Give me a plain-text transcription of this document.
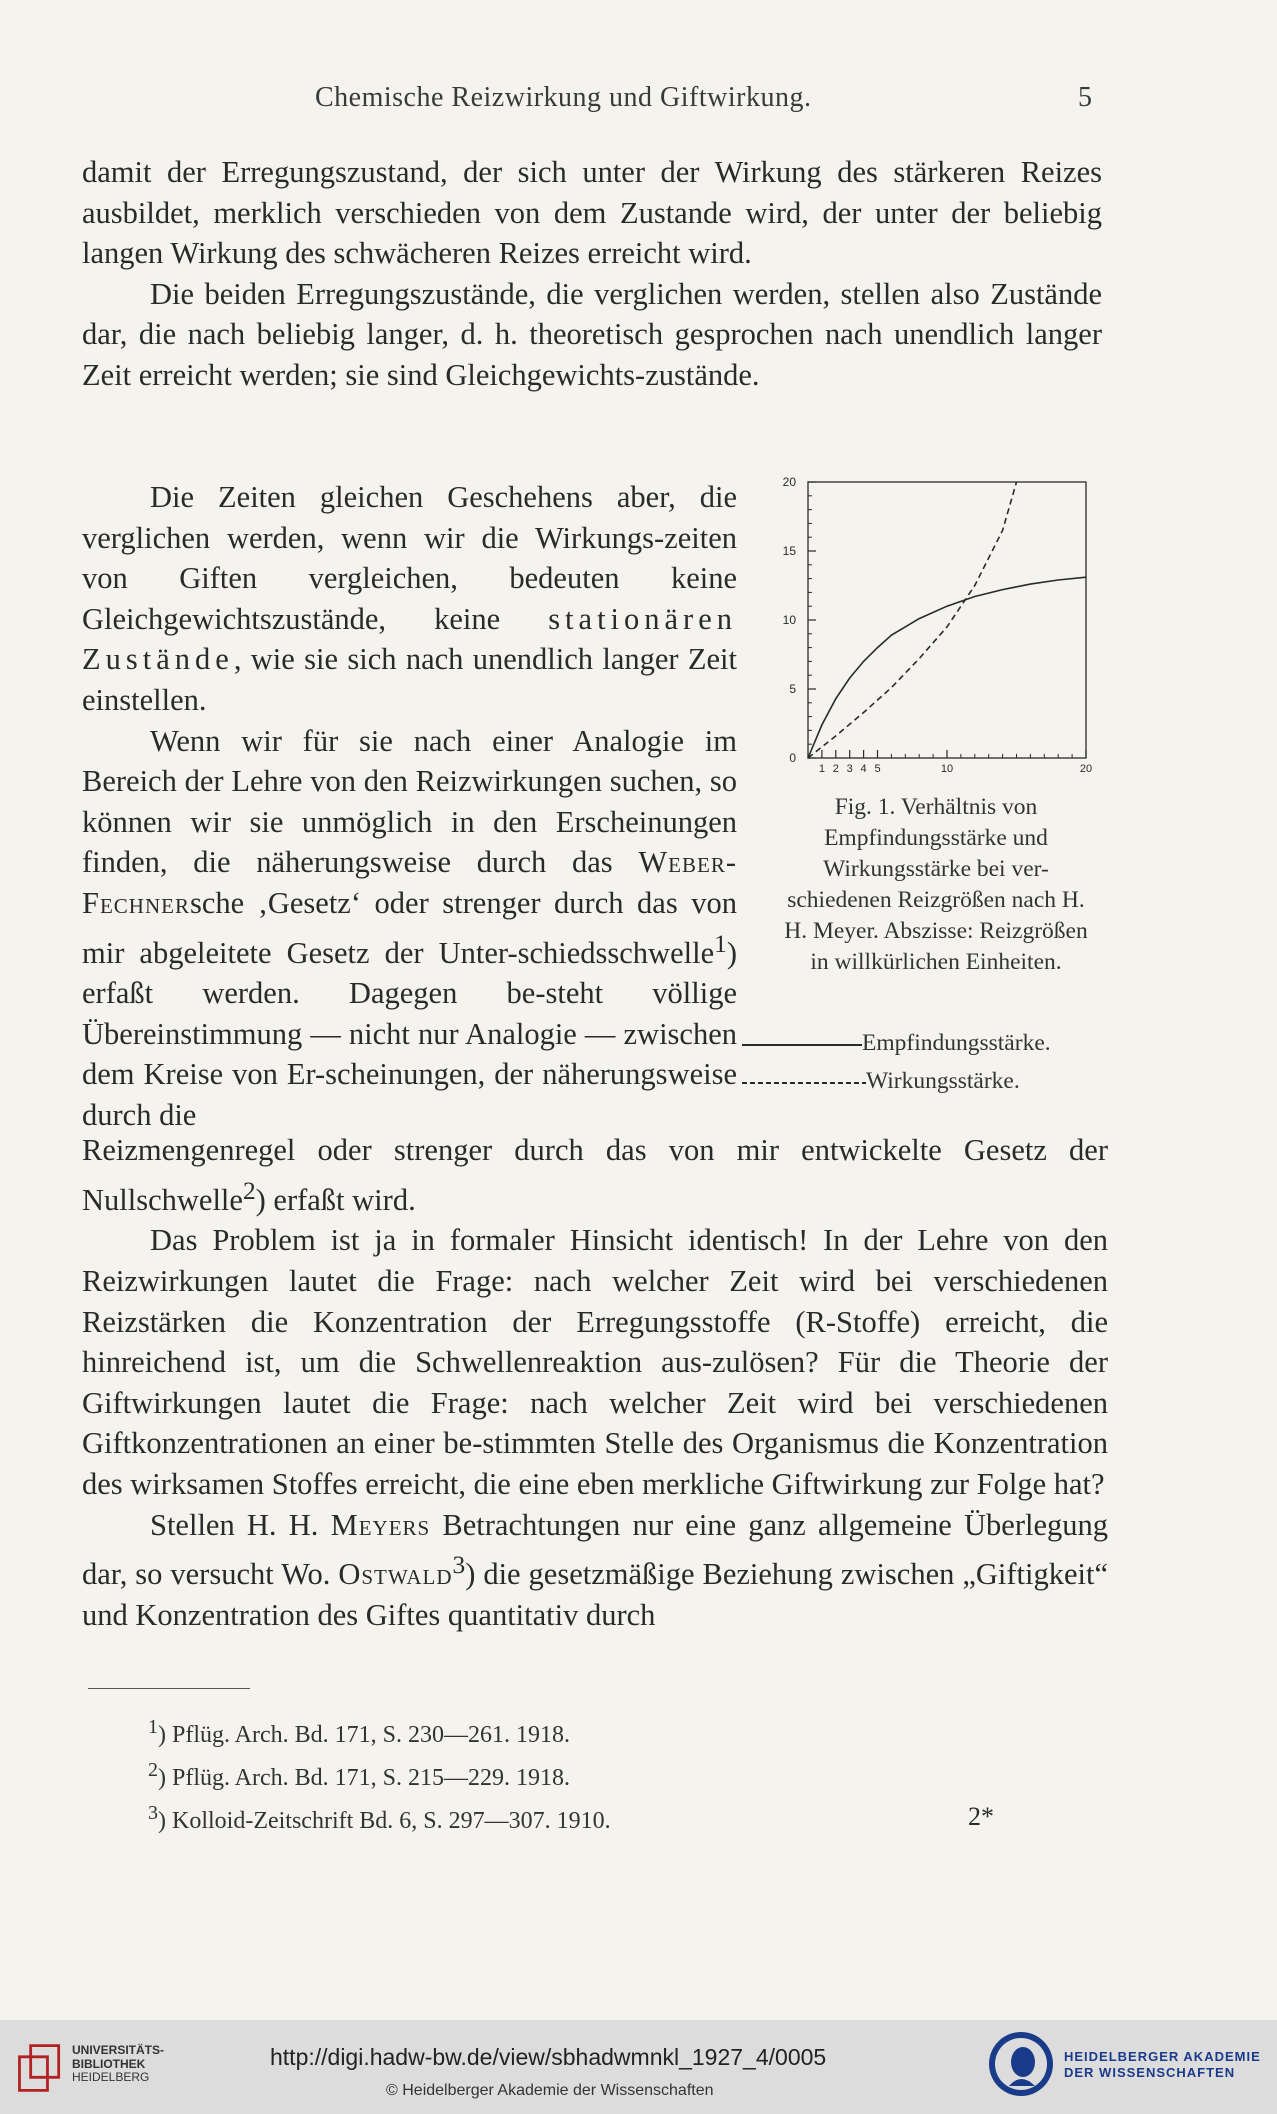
Chemische Reizwirkung und Giftwirkung.	5

damit der Erregungszustand, der sich unter der Wirkung des stärkeren Reizes ausbildet, merklich verschieden von dem Zustande wird, der unter der beliebig langen Wirkung des schwächeren Reizes erreicht wird.

Die beiden Erregungszustände, die verglichen werden, stellen also Zustände dar, die nach beliebig langer, d. h. theoretisch gesprochen nach unendlich langer Zeit erreicht werden; sie sind Gleichgewichts-zustände.

Die Zeiten gleichen Geschehens aber, die verglichen werden, wenn wir die Wirkungs-zeiten von Giften vergleichen, bedeuten keine Gleichgewichtszustände, keine stationären Zustände, wie sie sich nach unendlich langer Zeit einstellen.

Wenn wir für sie nach einer Analogie im Bereich der Lehre von den Reizwirkungen suchen, so können wir sie unmöglich in den Erscheinungen finden, die näherungsweise durch das Weber-Fechnersche ‚Gesetz‘ oder strenger durch das von mir abgeleitete Gesetz der Unter-schiedsschwelle$^1$) erfaßt werden. Dagegen be-steht völlige Übereinstimmung — nicht nur Analogie — zwischen dem Kreise von Er-scheinungen, der näherungsweise durch die

Reizmengenregel oder strenger durch das von mir entwickelte Gesetz der Nullschwelle$^2$) erfaßt wird.

Das Problem ist ja in formaler Hinsicht identisch! In der Lehre von den Reizwirkungen lautet die Frage: nach welcher Zeit wird bei verschiedenen Reizstärken die Konzentration der Erregungsstoffe (R-Stoffe) erreicht, die hinreichend ist, um die Schwellenreaktion aus-zulösen? Für die Theorie der Giftwirkungen lautet die Frage: nach welcher Zeit wird bei verschiedenen Giftkonzentrationen an einer be-stimmten Stelle des Organismus die Konzentration des wirksamen Stoffes erreicht, die eine eben merkliche Giftwirkung zur Folge hat?

Stellen H. H. Meyers Betrachtungen nur eine ganz allgemeine Überlegung dar, so versucht Wo. Ostwald$^3$) die gesetzmäßige Beziehung zwischen „Giftigkeit“ und Konzentration des Giftes quantitativ durch

20
15
10
5
0
1 2 3 4 5	10	20
Fig. 1. Verhältnis von Empfindungsstärke und Wirkungsstärke bei ver-schiedenen Reizgrößen nach H. H. Meyer. Abszisse: Reizgrößen in willkürlichen Einheiten.
Empfindungsstärke.
Wirkungsstärke.
$^1$) Pflüg. Arch. Bd. 171, S. 230—261. 1918.
$^2$) Pflüg. Arch. Bd. 171, S. 215—229. 1918.
$^3$) Kolloid-Zeitschrift Bd. 6, S. 297—307. 1910.	2*
UNIVERSITÄTS-
BIBLIOTHEK
HEIDELBERG
http://digi.hadw-bw.de/view/sbhadwmnkl_1927_4/0005
© Heidelberger Akademie der Wissenschaften
HEIDELBERGER AKADEMIE
DER WISSENSCHAFTEN
